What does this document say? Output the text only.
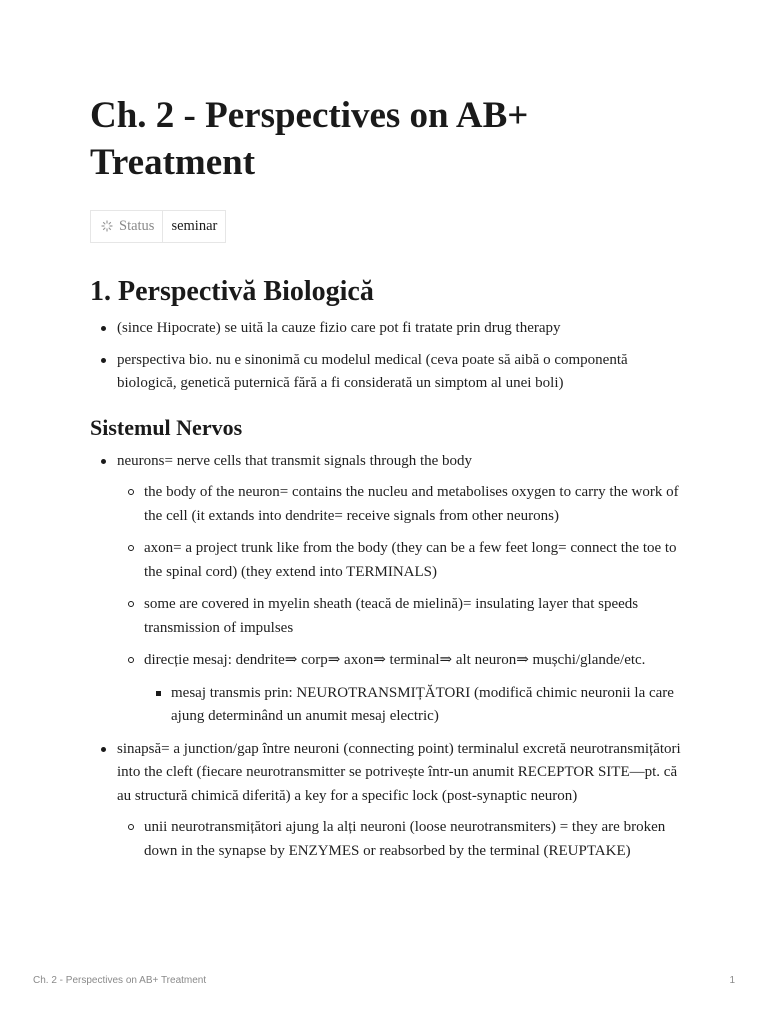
Ch. 2 - Perspectives on AB+ Treatment
Status	seminar
1. Perspectivă Biologică
(since Hipocrate) se uită la cauze fizio care pot fi tratate prin drug therapy
perspectiva bio. nu e sinonimă cu modelul medical (ceva poate să aibă o componentă biologică, genetică puternică fără a fi considerată un simptom al unei boli)
Sistemul Nervos
neurons= nerve cells that transmit signals through the body
the body of the neuron= contains the nucleu and metabolises oxygen to carry the work of the cell (it extands into dendrite= receive signals from other neurons)
axon= a project trunk like from the body (they can be a few feet long= connect the toe to the spinal cord) (they extend into TERMINALS)
some are covered in myelin sheath (teacă de mielină)= insulating layer that speeds transmission of impulses
direcție mesaj: dendrite⇒ corp⇒ axon⇒ terminal⇒ alt neuron⇒ mușchi/glande/etc.
mesaj transmis prin: NEUROTRANSMIȚĂTORI (modifică chimic neuronii la care ajung determinând un anumit mesaj electric)
sinapsă= a junction/gap între neuroni (connecting point) terminalul excretă neurotransmițători into the cleft (fiecare neurotransmitter se potrivește într-un anumit RECEPTOR SITE—pt. că au structură chimică diferită) a key for a specific lock (post-synaptic neuron)
unii neurotransmițători ajung la alți neuroni (loose neurotransmiters) = they are broken down in the synapse by ENZYMES or reabsorbed by the terminal (REUPTAKE)
Ch. 2 - Perspectives on AB+ Treatment	1
